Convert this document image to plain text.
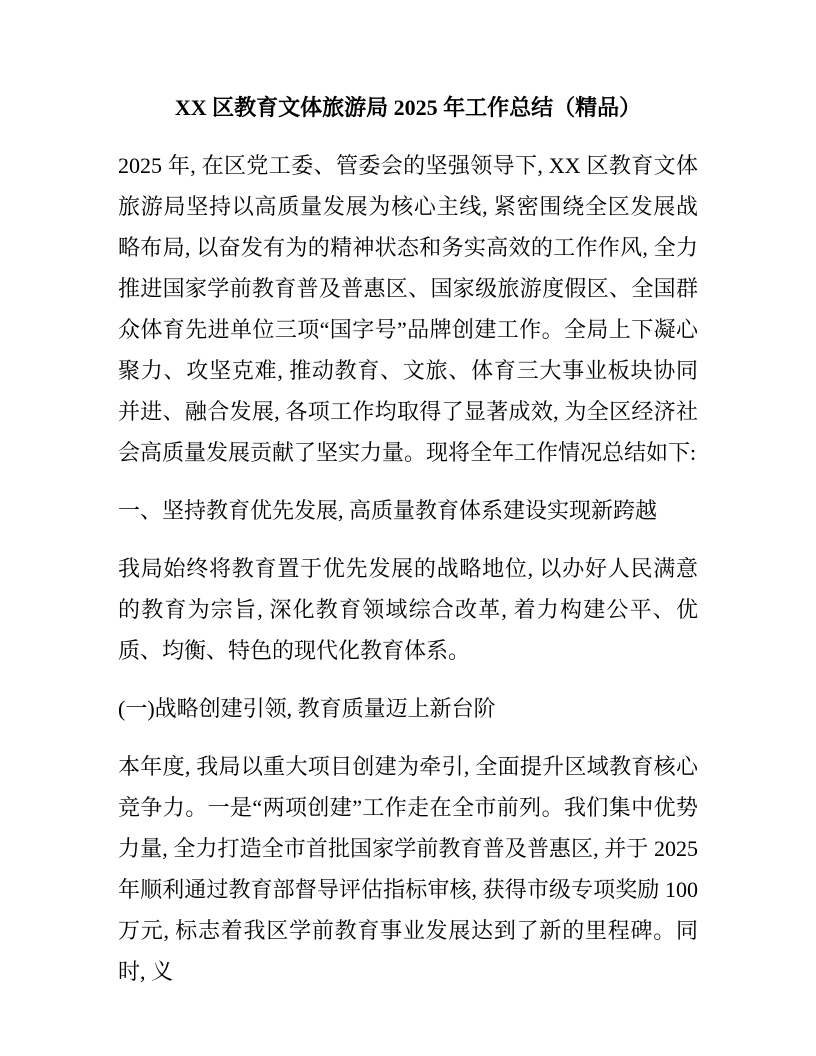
XX 区教育文体旅游局 2025 年工作总结（精品）

2025 年, 在区党工委、管委会的坚强领导下, XX 区教育文体旅游局坚持以高质量发展为核心主线, 紧密围绕全区发展战略布局, 以奋发有为的精神状态和务实高效的工作作风, 全力推进国家学前教育普及普惠区、国家级旅游度假区、全国群众体育先进单位三项“国字号”品牌创建工作。全局上下凝心聚力、攻坚克难, 推动教育、文旅、体育三大事业板块协同并进、融合发展, 各项工作均取得了显著成效, 为全区经济社会高质量发展贡献了坚实力量。现将全年工作情况总结如下:

一、坚持教育优先发展, 高质量教育体系建设实现新跨越

我局始终将教育置于优先发展的战略地位, 以办好人民满意的教育为宗旨, 深化教育领域综合改革, 着力构建公平、优质、均衡、特色的现代化教育体系。

(一)战略创建引领, 教育质量迈上新台阶

本年度, 我局以重大项目创建为牵引, 全面提升区域教育核心竞争力。一是“两项创建”工作走在全市前列。我们集中优势力量, 全力打造全市首批国家学前教育普及普惠区, 并于 2025 年顺利通过教育部督导评估指标审核, 获得市级专项奖励 100 万元, 标志着我区学前教育事业发展达到了新的里程碑。同时, 义
